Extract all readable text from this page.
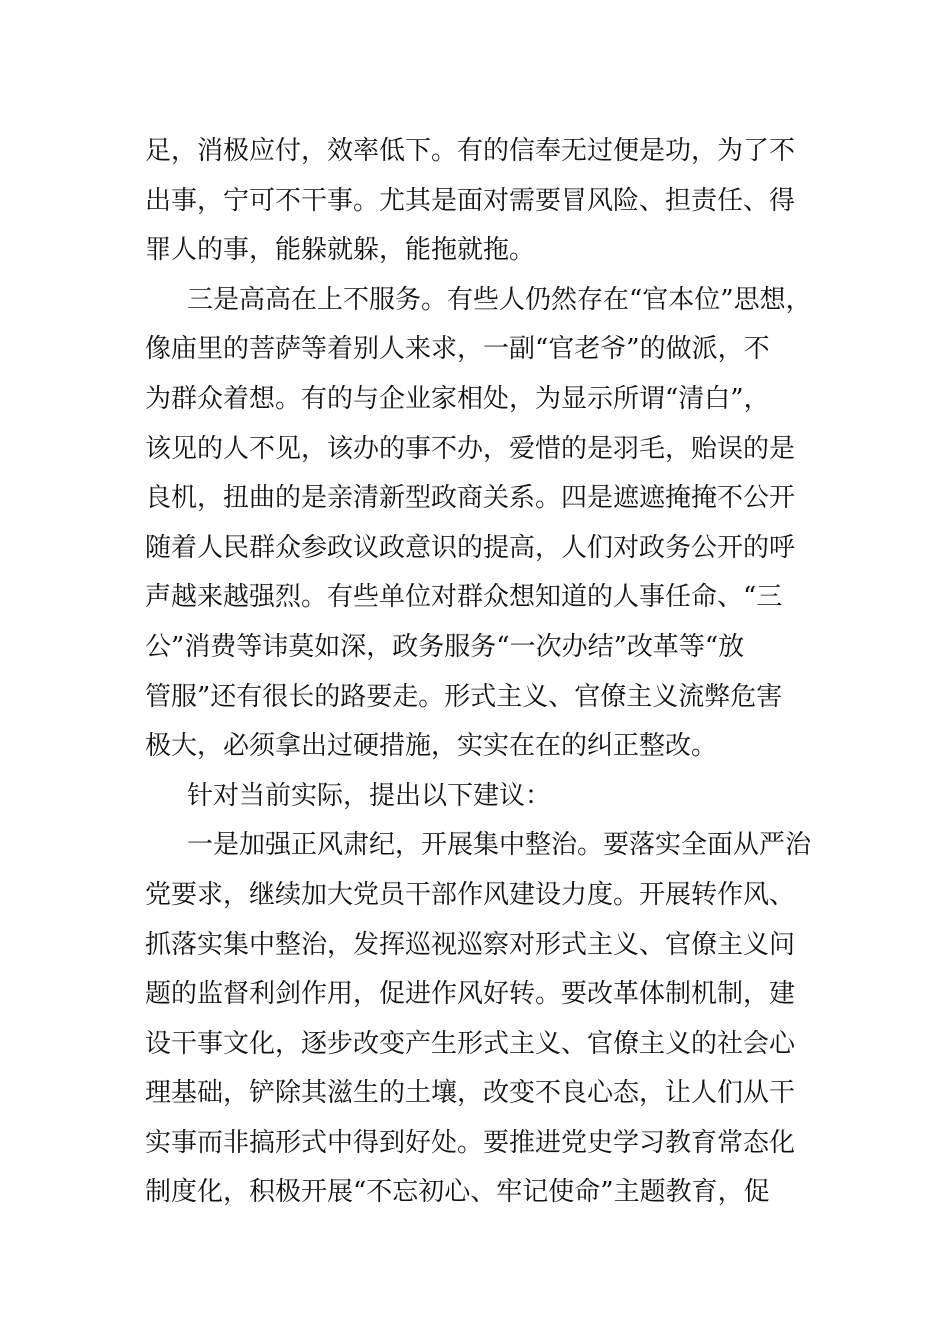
足，消极应付，效率低下。有的信奉无过便是功，为了不
出事，宁可不干事。尤其是面对需要冒风险、担责任、得
罪人的事，能躲就躲，能拖就拖。
三是高高在上不服务。有些人仍然存在“官本位”思想，
像庙里的菩萨等着别人来求，一副“官老爷”的做派，不
为群众着想。有的与企业家相处，为显示所谓“清白”，
该见的人不见，该办的事不办，爱惜的是羽毛，贻误的是
良机，扭曲的是亲清新型政商关系。四是遮遮掩掩不公开
随着人民群众参政议政意识的提高，人们对政务公开的呼
声越来越强烈。有些单位对群众想知道的人事任命、“三
公”消费等讳莫如深，政务服务“一次办结”改革等“放
管服”还有很长的路要走。形式主义、官僚主义流弊危害
极大，必须拿出过硬措施，实实在在的纠正整改。
针对当前实际，提出以下建议：
一是加强正风肃纪，开展集中整治。要落实全面从严治
党要求，继续加大党员干部作风建设力度。开展转作风、
抓落实集中整治，发挥巡视巡察对形式主义、官僚主义问
题的监督利剑作用，促进作风好转。要改革体制机制，建
设干事文化，逐步改变产生形式主义、官僚主义的社会心
理基础，铲除其滋生的土壤，改变不良心态，让人们从干
实事而非搞形式中得到好处。要推进党史学习教育常态化
制度化，积极开展“不忘初心、牢记使命”主题教育，促
